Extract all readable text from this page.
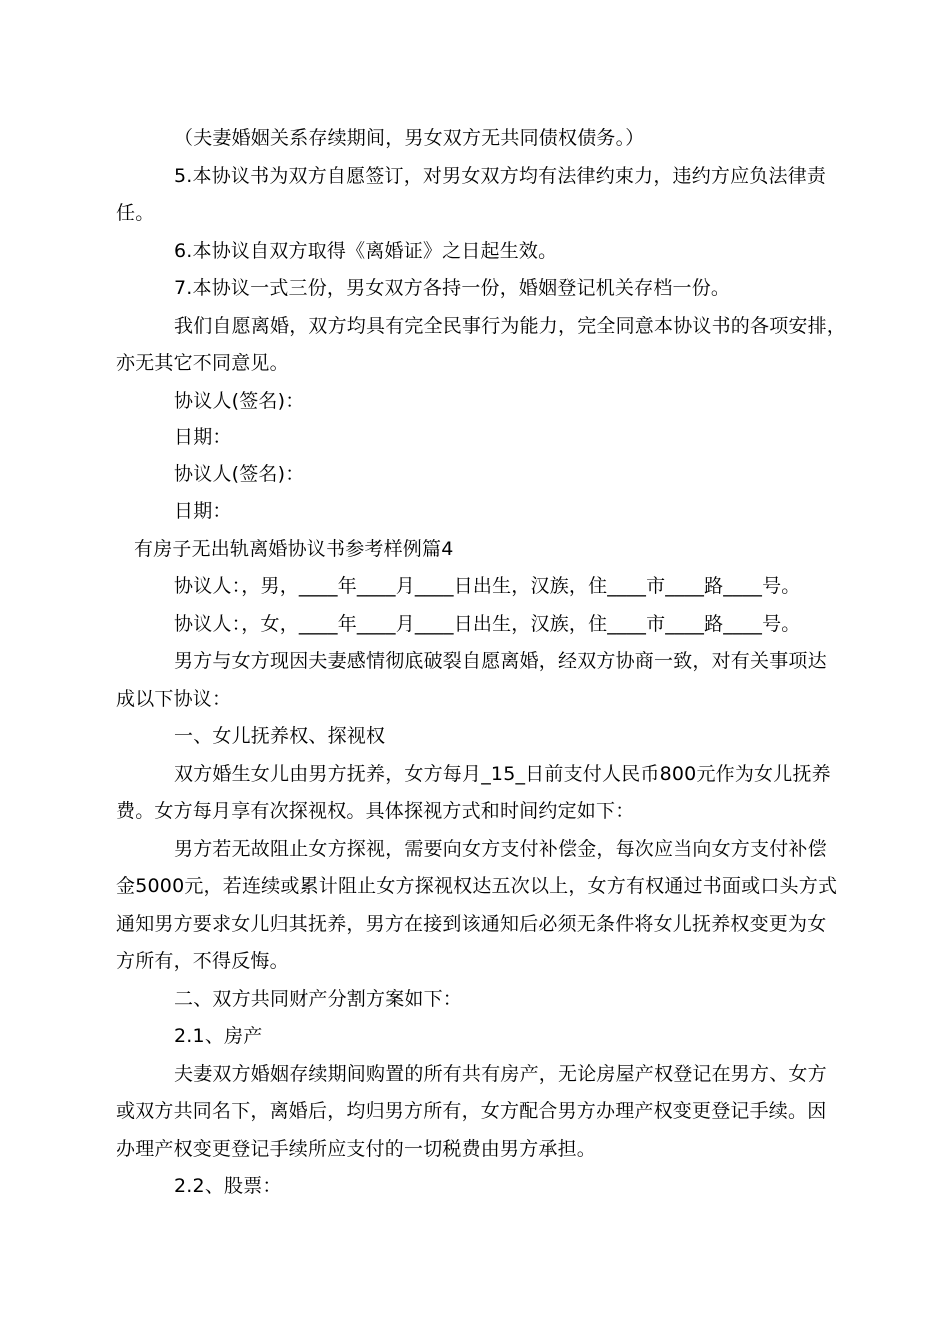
（夫妻婚姻关系存续期间，男女双方无共同债权债务。）
5.本协议书为双方自愿签订，对男女双方均有法律约束力，违约方应负法律责
任。
6.本协议自双方取得《离婚证》之日起生效。
7.本协议一式三份，男女双方各持一份，婚姻登记机关存档一份。
我们自愿离婚，双方均具有完全民事行为能力，完全同意本协议书的各项安排，
亦无其它不同意见。
协议人(签名)：
日期：
协议人(签名)：
日期：
有房子无出轨离婚协议书参考样例篇4
协议人：，男，____年____月____日出生，汉族，住____市____路____号。
协议人：，女，____年____月____日出生，汉族，住____市____路____号。
男方与女方现因夫妻感情彻底破裂自愿离婚，经双方协商一致，对有关事项达
成以下协议：
一、女儿抚养权、探视权
双方婚生女儿由男方抚养，女方每月_15_日前支付人民币800元作为女儿抚养
费。女方每月享有次探视权。具体探视方式和时间约定如下：
男方若无故阻止女方探视，需要向女方支付补偿金，每次应当向女方支付补偿
金5000元，若连续或累计阻止女方探视权达五次以上，女方有权通过书面或口头方式
通知男方要求女儿归其抚养，男方在接到该通知后必须无条件将女儿抚养权变更为女
方所有，不得反悔。
二、双方共同财产分割方案如下：
2.1、房产
夫妻双方婚姻存续期间购置的所有共有房产，无论房屋产权登记在男方、女方
或双方共同名下，离婚后，均归男方所有，女方配合男方办理产权变更登记手续。因
办理产权变更登记手续所应支付的一切税费由男方承担。
2.2、股票：
